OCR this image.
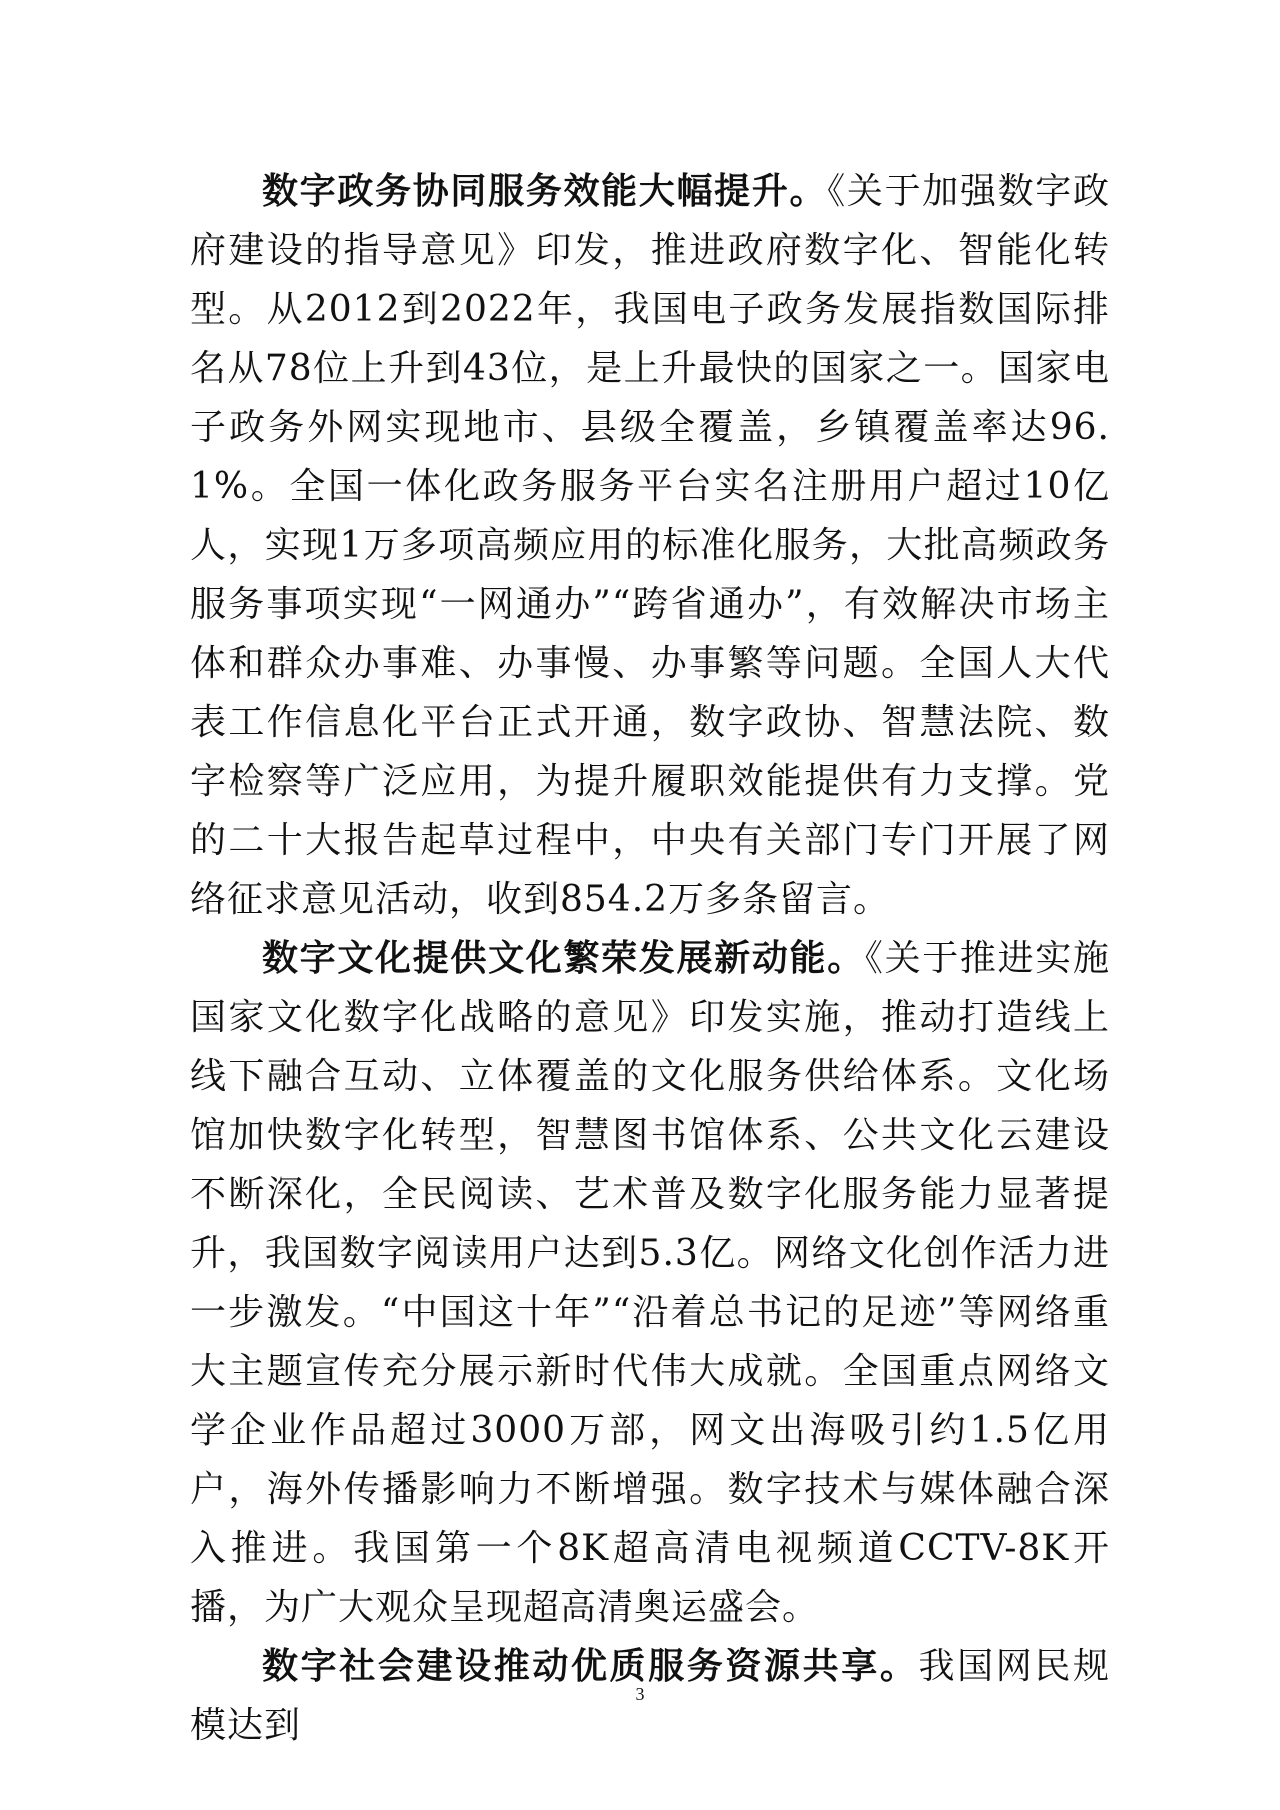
数字政务协同服务效能大幅提升。《关于加强数字政府建设的指导意见》印发，推进政府数字化、智能化转型。从2012到2022年，我国电子政务发展指数国际排名从78位上升到43位，是上升最快的国家之一。国家电子政务外网实现地市、县级全覆盖，乡镇覆盖率达96.1%。全国一体化政务服务平台实名注册用户超过10亿人，实现1万多项高频应用的标准化服务，大批高频政务服务事项实现“一网通办”“跨省通办”，有效解决市场主体和群众办事难、办事慢、办事繁等问题。全国人大代表工作信息化平台正式开通，数字政协、智慧法院、数字检察等广泛应用，为提升履职效能提供有力支撑。党的二十大报告起草过程中，中央有关部门专门开展了网络征求意见活动，收到854.2万多条留言。

数字文化提供文化繁荣发展新动能。《关于推进实施国家文化数字化战略的意见》印发实施，推动打造线上线下融合互动、立体覆盖的文化服务供给体系。文化场馆加快数字化转型，智慧图书馆体系、公共文化云建设不断深化，全民阅读、艺术普及数字化服务能力显著提升，我国数字阅读用户达到5.3亿。网络文化创作活力进一步激发。“中国这十年”“沿着总书记的足迹”等网络重大主题宣传充分展示新时代伟大成就。全国重点网络文学企业作品超过3000万部，网文出海吸引约1.5亿用户，海外传播影响力不断增强。数字技术与媒体融合深入推进。我国第一个8K超高清电视频道CCTV-8K开播，为广大观众呈现超高清奥运盛会。

数字社会建设推动优质服务资源共享。我国网民规模达到

3
